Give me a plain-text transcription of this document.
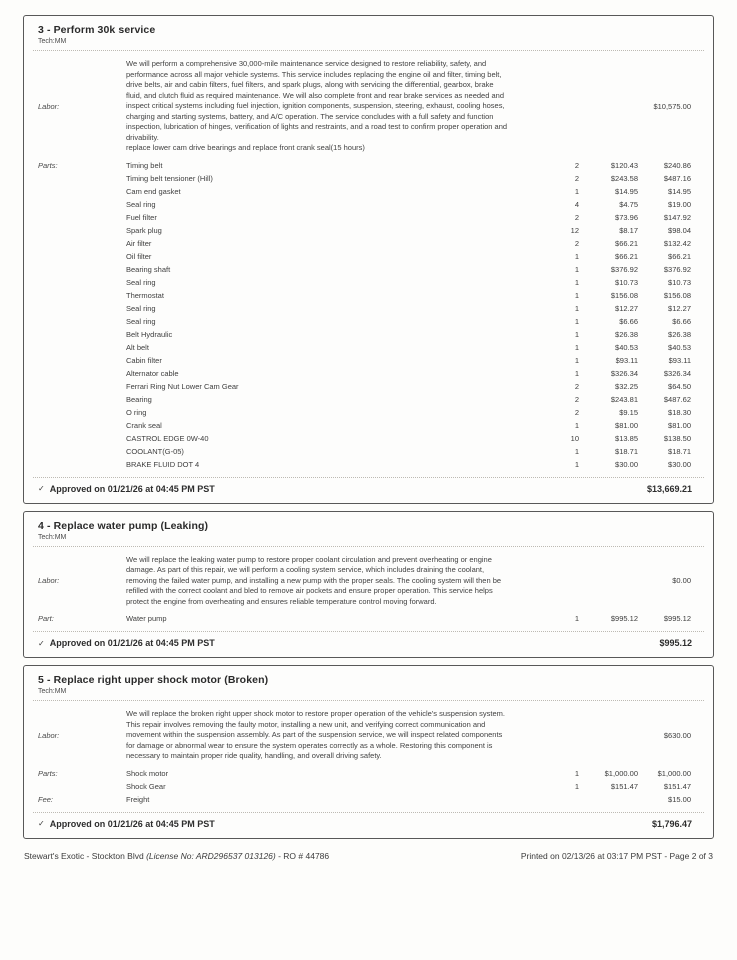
3 - Perform 30k service
Tech:MM
Labor:
We will perform a comprehensive 30,000-mile maintenance service designed to restore reliability, safety, and performance across all major vehicle systems. This service includes replacing the engine oil and filter, timing belt, drive belts, air and cabin filters, fuel filters, and spark plugs, along with servicing the differential, gearbox, brake fluid, and clutch fluid as required maintenance. We will also complete front and rear brake services as needed and inspect critical systems including fuel injection, ignition components, suspension, steering, exhaust, cooling hoses, charging and starting systems, battery, and A/C operation. The service concludes with a full safety and function inspection, lubrication of hinges, verification of lights and restraints, and a road test to confirm proper operation and drivability.
replace lower cam drive bearings and replace front crank seal(15 hours)
$10,575.00
Parts:	Timing belt	2	$120.43	$240.86
Timing belt tensioner (Hill)	2	$243.58	$487.16
Cam end gasket	1	$14.95	$14.95
Seal ring	4	$4.75	$19.00
Fuel filter	2	$73.96	$147.92
Spark plug	12	$8.17	$98.04
Air filter	2	$66.21	$132.42
Oil filter	1	$66.21	$66.21
Bearing shaft	1	$376.92	$376.92
Seal ring	1	$10.73	$10.73
Thermostat	1	$156.08	$156.08
Seal ring	1	$12.27	$12.27
Seal ring	1	$6.66	$6.66
Belt Hydraulic	1	$26.38	$26.38
Alt belt	1	$40.53	$40.53
Cabin filter	1	$93.11	$93.11
Alternator cable	1	$326.34	$326.34
Ferrari Ring Nut Lower Cam Gear	2	$32.25	$64.50
Bearing	2	$243.81	$487.62
O ring	2	$9.15	$18.30
Crank seal	1	$81.00	$81.00
CASTROL EDGE 0W-40	10	$13.85	$138.50
COOLANT(G-05)	1	$18.71	$18.71
BRAKE FLUID DOT 4	1	$30.00	$30.00
✓ Approved on 01/21/26 at 04:45 PM PST	$13,669.21
4 - Replace water pump (Leaking)
Tech:MM
Labor:
We will replace the leaking water pump to restore proper coolant circulation and prevent overheating or engine damage. As part of this repair, we will perform a cooling system service, which includes draining the coolant, removing the failed water pump, and installing a new pump with the proper seals. The cooling system will then be refilled with the correct coolant and bled to remove air pockets and ensure proper operation. This service helps protect the engine from overheating and ensures reliable temperature control moving forward.
$0.00
Part:	Water pump	1	$995.12	$995.12
✓ Approved on 01/21/26 at 04:45 PM PST	$995.12
5 - Replace right upper shock motor (Broken)
Tech:MM
Labor:
We will replace the broken right upper shock motor to restore proper operation of the vehicle's suspension system. This repair involves removing the faulty motor, installing a new unit, and verifying correct communication and movement within the suspension assembly. As part of the suspension service, we will inspect related components for damage or abnormal wear to ensure the system operates correctly as a whole. Restoring this component is necessary to maintain proper ride quality, handling, and overall driving safety.
$630.00
Parts:	Shock motor	1	$1,000.00	$1,000.00
Shock Gear	1	$151.47	$151.47
Fee:	Freight	$15.00
✓ Approved on 01/21/26 at 04:45 PM PST	$1,796.47
Stewart's Exotic - Stockton Blvd (License No: ARD296537 013126) - RO # 44786	Printed on 02/13/26 at 03:17 PM PST - Page 2 of 3
